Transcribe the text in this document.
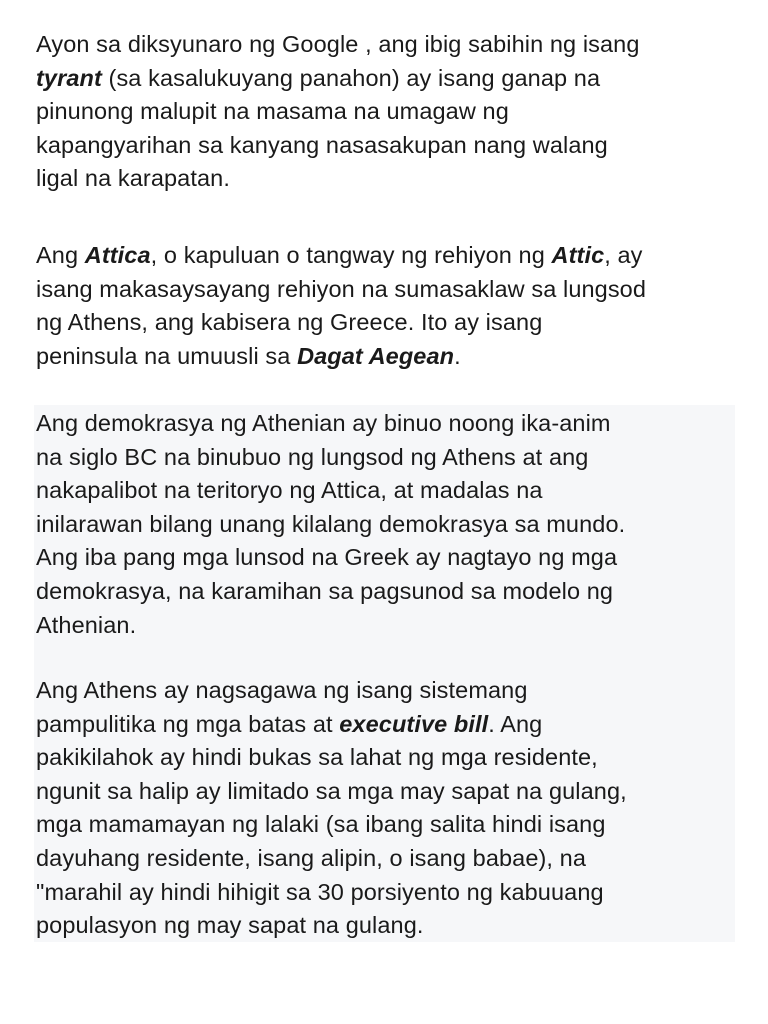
Ayon sa diksyunaro ng Google , ang ibig sabihin ng isang
tyrant (sa kasalukuyang panahon) ay isang ganap na
pinunong malupit na masama na umagaw ng
kapangyarihan sa kanyang nasasakupan nang walang
ligal na karapatan.

Ang Attica, o kapuluan o tangway ng rehiyon ng Attic, ay
isang makasaysayang rehiyon na sumasaklaw sa lungsod
ng Athens, ang kabisera ng Greece. Ito ay isang
peninsula na umuusli sa Dagat Aegean.

Ang demokrasya ng Athenian ay binuo noong ika-anim
na siglo BC na binubuo ng lungsod ng Athens at ang
nakapalibot na teritoryo ng Attica, at madalas na
inilarawan bilang unang kilalang demokrasya sa mundo.
Ang iba pang mga lunsod na Greek ay nagtayo ng mga
demokrasya, na karamihan sa pagsunod sa modelo ng
Athenian.

Ang Athens ay nagsagawa ng isang sistemang
pampulitika ng mga batas at executive bill. Ang
pakikilahok ay hindi bukas sa lahat ng mga residente,
ngunit sa halip ay limitado sa mga may sapat na gulang,
mga mamamayan ng lalaki (sa ibang salita hindi isang
dayuhang residente, isang alipin, o isang babae), na
"marahil ay hindi hihigit sa 30 porsiyento ng kabuuang
populasyon ng may sapat na gulang.
